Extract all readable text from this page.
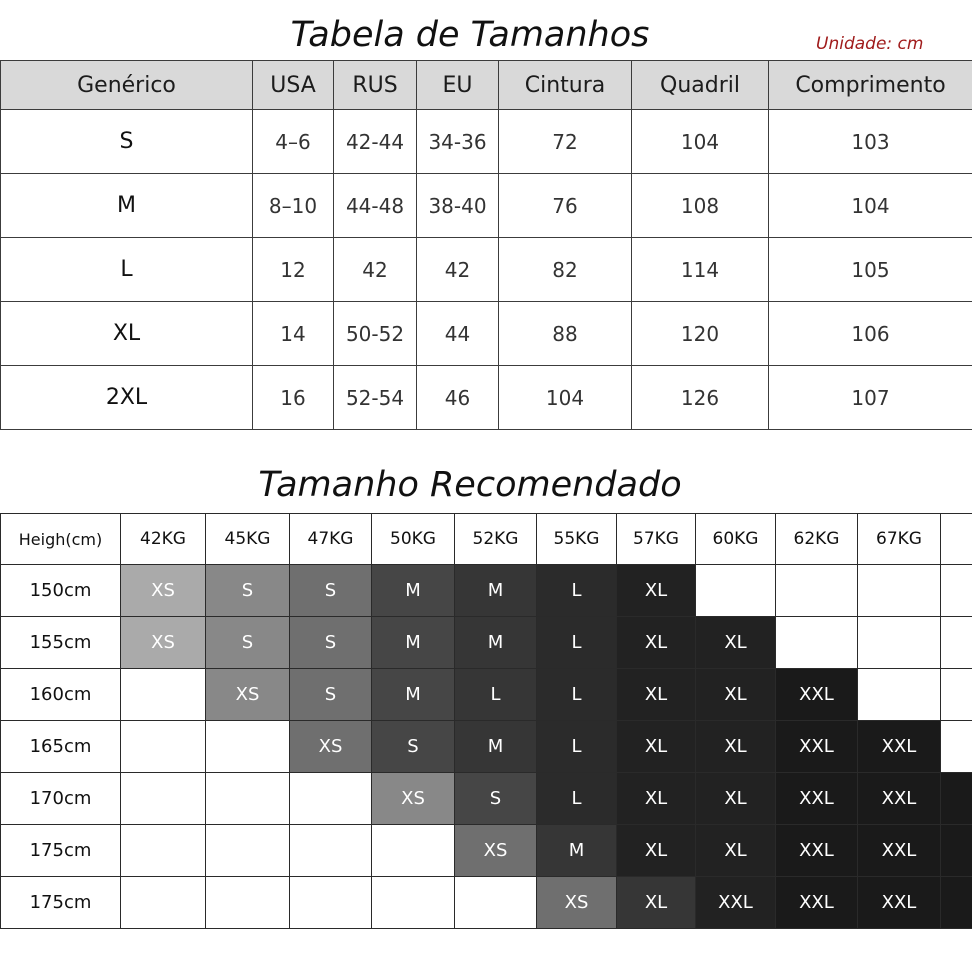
Tabela de Tamanhos	Unidade: cm
Genérico	USA	RUS	EU	Cintura	Quadril	Comprimento
S	4–6	42-44	34-36	72	104	103
M	8–10	44-48	38-40	76	108	104
L	12	42	42	82	114	105
XL	14	50-52	44	88	120	106
2XL	16	52-54	46	104	126	107
Tamanho Recomendado
Heigh(cm)	42KG	45KG	47KG	50KG	52KG	55KG	57KG	60KG	62KG	67KG	
150cm	XS	S	S	M	M	L	XL				
155cm	XS	S	S	M	M	L	XL	XL			
160cm		XS	S	M	L	L	XL	XL	XXL		
165cm			XS	S	M	L	XL	XL	XXL	XXL	
170cm				XS	S	L	XL	XL	XXL	XXL	
175cm					XS	M	XL	XL	XXL	XXL	
175cm						XS	XL	XXL	XXL	XXL	
